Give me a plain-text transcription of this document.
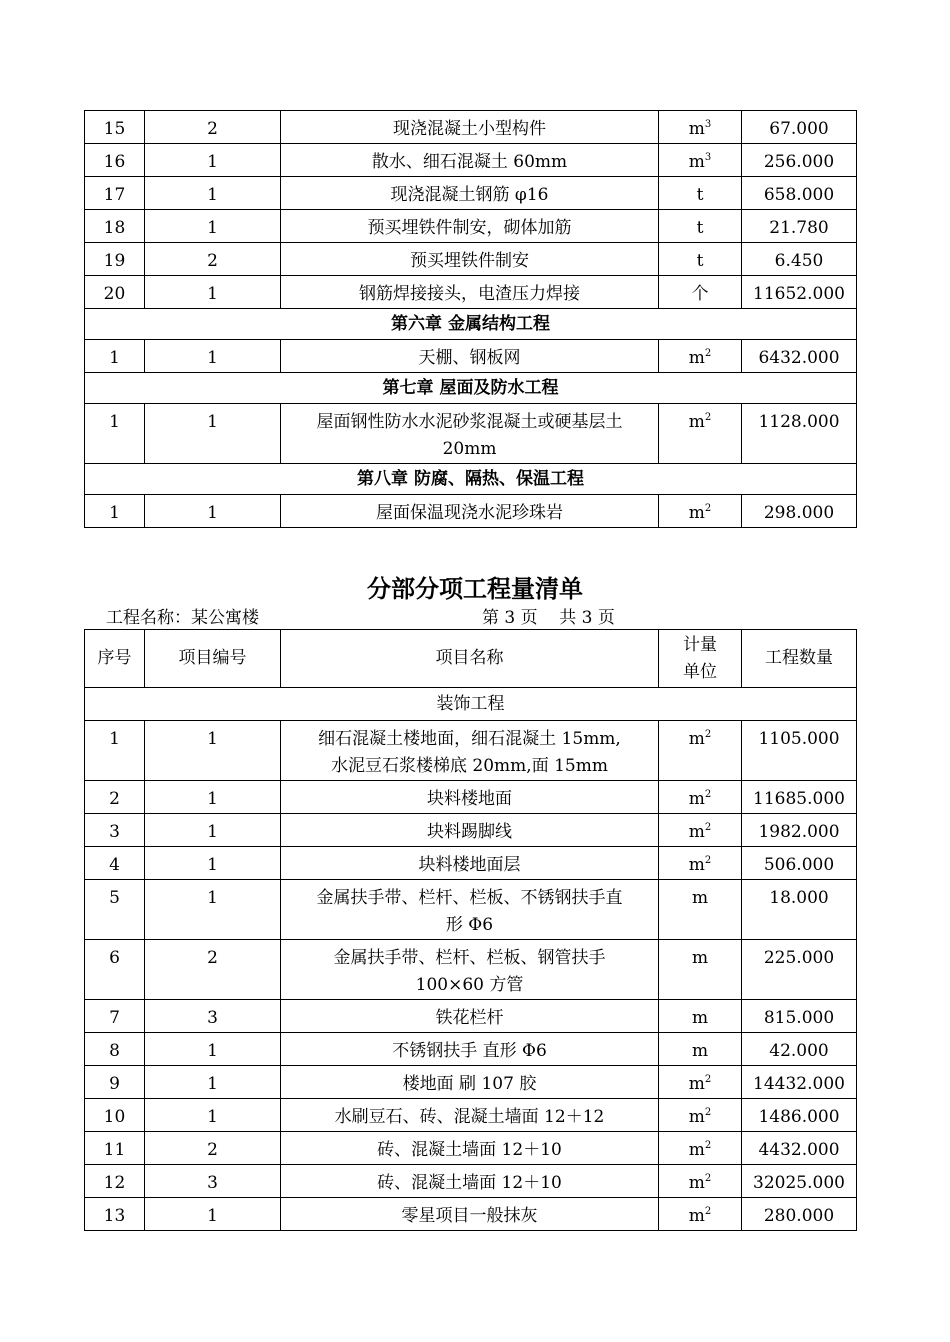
15	2	现浇混凝土小型构件	$m^3$	67.000
16	1	散水、细石混凝土 60mm	$m^3$	256.000
17	1	现浇混凝土钢筋 φ16	t	658.000
18	1	预买埋铁件制安，砌体加筋	t	21.780
19	2	预买埋铁件制安	t	6.450
20	1	钢筋焊接接头，电渣压力焊接	个	11652.000
第六章 金属结构工程				
1	1	天棚、钢板网	$m^2$	6432.000
第七章 屋面及防水工程				
1	1	屋面钢性防水水泥砂浆混凝土或硬基层土
20mm	$m^2$	1128.000
第八章 防腐、隔热、保温工程				
1	1	屋面保温现浇水泥珍珠岩	$m^2$	298.000
分部分项工程量清单
工程名称：某公寓楼	第 3 页    共 3 页
序号	项目编号	项目名称	计量
单位	工程数量
装饰工程				
1	1	细石混凝土楼地面，细石混凝土 15mm,
水泥豆石浆楼梯底 20mm,面 15mm	$m^2$	1105.000
2	1	块料楼地面	$m^2$	11685.000
3	1	块料踢脚线	$m^2$	1982.000
4	1	块料楼地面层	$m^2$	506.000
5	1	金属扶手带、栏杆、栏板、不锈钢扶手直
形 Φ6	m	18.000
6	2	金属扶手带、栏杆、栏板、钢管扶手
100×60 方管	m	225.000
7	3	铁花栏杆	m	815.000
8	1	不锈钢扶手 直形 Φ6	m	42.000
9	1	楼地面 刷 107 胶	$m^2$	14432.000
10	1	水刷豆石、砖、混凝土墙面 12＋12	$m^2$	1486.000
11	2	砖、混凝土墙面 12＋10	$m^2$	4432.000
12	3	砖、混凝土墙面 12＋10	$m^2$	32025.000
13	1	零星项目一般抹灰	$m^2$	280.000
